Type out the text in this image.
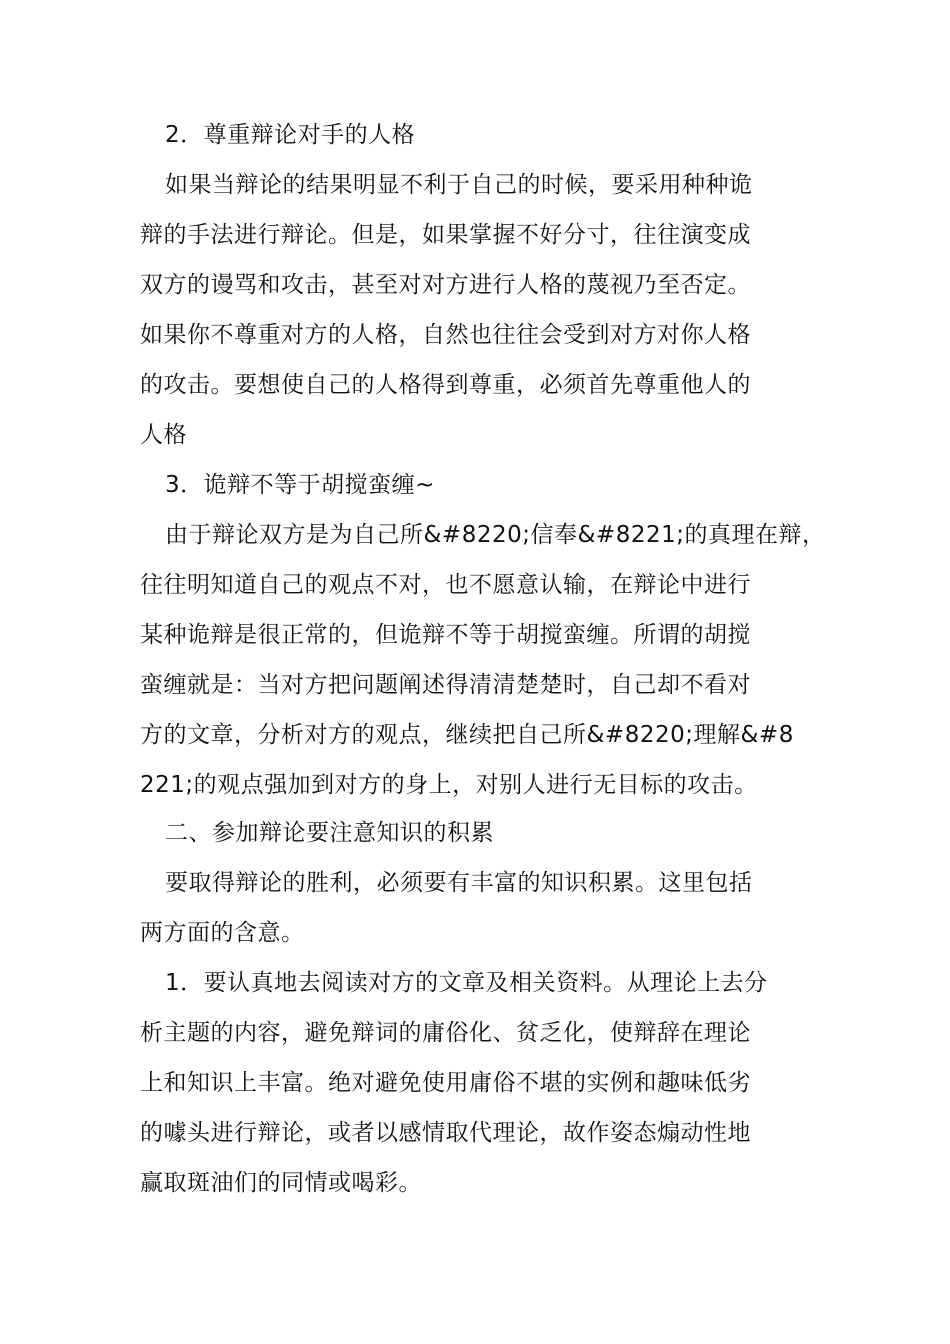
2．尊重辩论对手的人格
如果当辩论的结果明显不利于自己的时候，要采用种种诡
辩的手法进行辩论。但是，如果掌握不好分寸，往往演变成
双方的谩骂和攻击，甚至对对方进行人格的蔑视乃至否定。
如果你不尊重对方的人格，自然也往往会受到对方对你人格
的攻击。要想使自己的人格得到尊重，必须首先尊重他人的
人格
3．诡辩不等于胡搅蛮缠~
由于辩论双方是为自己所&#8220;信奉&#8221;的真理在辩，
往往明知道自己的观点不对，也不愿意认输，在辩论中进行
某种诡辩是很正常的，但诡辩不等于胡搅蛮缠。所谓的胡搅
蛮缠就是：当对方把问题阐述得清清楚楚时，自己却不看对
方的文章，分析对方的观点，继续把自己所&#8220;理解&#8
221;的观点强加到对方的身上，对别人进行无目标的攻击。
二、参加辩论要注意知识的积累
要取得辩论的胜利，必须要有丰富的知识积累。这里包括
两方面的含意。
1．要认真地去阅读对方的文章及相关资料。从理论上去分
析主题的内容，避免辩词的庸俗化、贫乏化，使辩辞在理论
上和知识上丰富。绝对避免使用庸俗不堪的实例和趣味低劣
的噱头进行辩论，或者以感情取代理论，故作姿态煽动性地
赢取斑油们的同情或喝彩。
